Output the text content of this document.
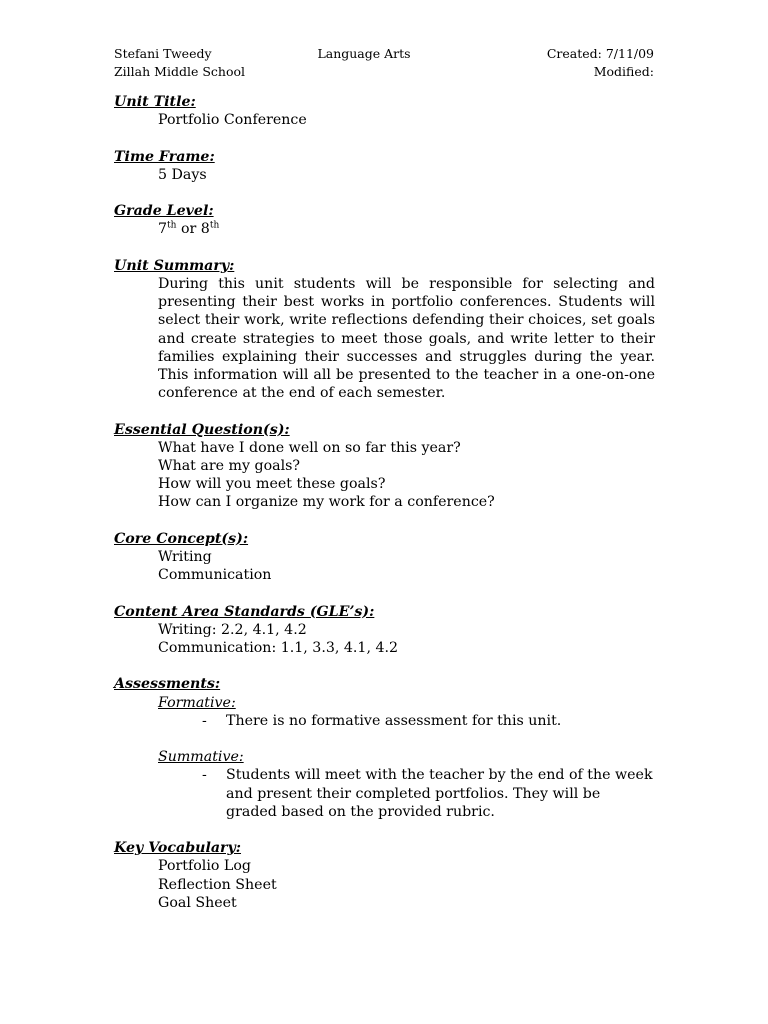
Stefani Tweedy	Language Arts	Created: 7/11/09
Zillah Middle School	Modified:

Unit Title:

Portfolio Conference

Time Frame:

5 Days

Grade Level:

7th or 8th

Unit Summary:

During this unit students will be responsible for selecting and presenting their best works in portfolio conferences. Students will select their work, write reflections defending their choices, set goals and create strategies to meet those goals, and write letter to their families explaining their successes and struggles during the year. This information will all be presented to the teacher in a one-on-one conference at the end of each semester.

Essential Question(s):

What have I done well on so far this year?
What are my goals?
How will you meet these goals?
How can I organize my work for a conference?

Core Concept(s):

Writing
Communication

Content Area Standards (GLE’s):

Writing: 2.2, 4.1, 4.2
Communication: 1.1, 3.3, 4.1, 4.2

Assessments:

Formative:
-	There is no formative assessment for this unit.
Summative:
-	Students will meet with the teacher by the end of the week and present their completed portfolios. They will be graded based on the provided rubric.

Key Vocabulary:

Portfolio Log
Reflection Sheet
Goal Sheet
